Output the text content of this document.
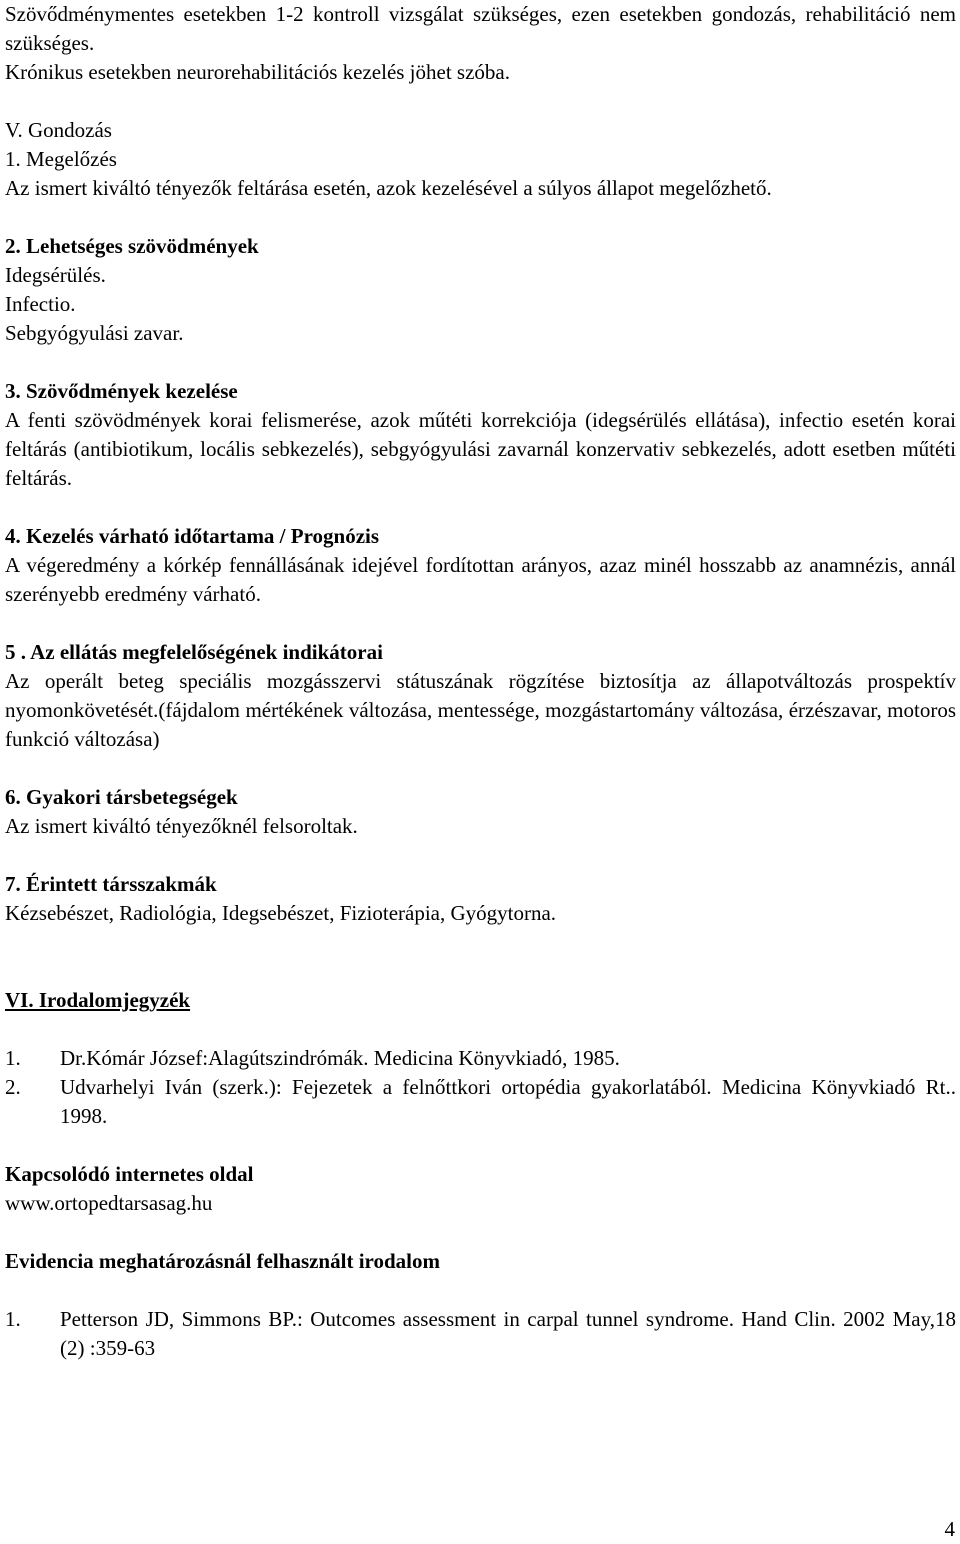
Szövődménymentes esetekben 1-2 kontroll vizsgálat szükséges, ezen esetekben gondozás, rehabilitáció nem szükséges.

Krónikus esetekben neurorehabilitációs kezelés jöhet szóba.

V. Gondozás

1. Megelőzés

Az ismert kiváltó tényezők feltárása esetén, azok kezelésével a súlyos állapot megelőzhető.

2. Lehetséges szövödmények

Idegsérülés.

Infectio.

Sebgyógyulási zavar.

3. Szövődmények kezelése

A fenti szövödmények korai felismerése, azok műtéti korrekciója (idegsérülés ellátása), infectio esetén korai feltárás (antibiotikum, locális sebkezelés), sebgyógyulási zavarnál konzervativ sebkezelés, adott esetben műtéti feltárás.

4. Kezelés várható időtartama / Prognózis

A végeredmény a kórkép fennállásának idejével fordítottan arányos, azaz minél hosszabb az anamnézis, annál szerényebb eredmény várható.

5 . Az ellátás megfelelőségének indikátorai

Az operált beteg speciális mozgásszervi státuszának rögzítése biztosítja az állapotváltozás prospektív nyomonkövetését.(fájdalom mértékének változása, mentessége, mozgástartomány változása, érzészavar, motoros funkció változása)

6. Gyakori társbetegségek

Az ismert kiváltó tényezőknél felsoroltak.

7. Érintett társszakmák

Kézsebészet, Radiológia, Idegsebészet, Fizioterápia, Gyógytorna.

VI. Irodalomjegyzék

1. Dr.Kómár József:Alagútszindrómák. Medicina Könyvkiadó, 1985.
2. Udvarhelyi Iván (szerk.): Fejezetek a felnőttkori ortopédia gyakorlatából. Medicina Könyvkiadó Rt.. 1998.

Kapcsolódó internetes oldal

www.ortopedtarsasag.hu

Evidencia meghatározásnál felhasznált irodalom

1. Petterson JD, Simmons BP.: Outcomes assessment in carpal tunnel syndrome. Hand Clin. 2002 May,18 (2) :359-63
4
